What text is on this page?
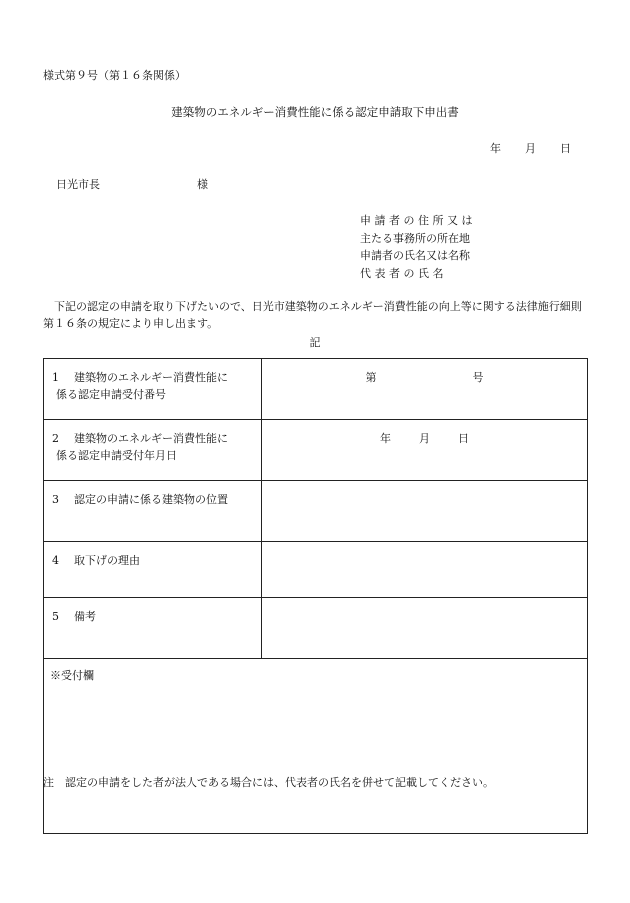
様式第９号（第１６条関係）
建築物のエネルギー消費性能に係る認定申請取下申出書
年 月 日
日光市長	様
申 請 者 の 住 所 又 は
主たる事務所の所在地
申請者の氏名又は名称
代 表 者 の 氏 名
下記の認定の申請を取り下げたいので、日光市建築物のエネルギー消費性能の向上等に関する法律施行細則第１６条の規定により申し出ます。
記
1 建築物のエネルギー消費性能に
係る認定申請受付番号	第 号
2 建築物のエネルギー消費性能に
係る認定申請受付年月日	年 月 日
3 認定の申請に係る建築物の位置	
4 取下げの理由	
5 備考	
※受付欄	
注　認定の申請をした者が法人である場合には、代表者の氏名を併せて記載してください。
